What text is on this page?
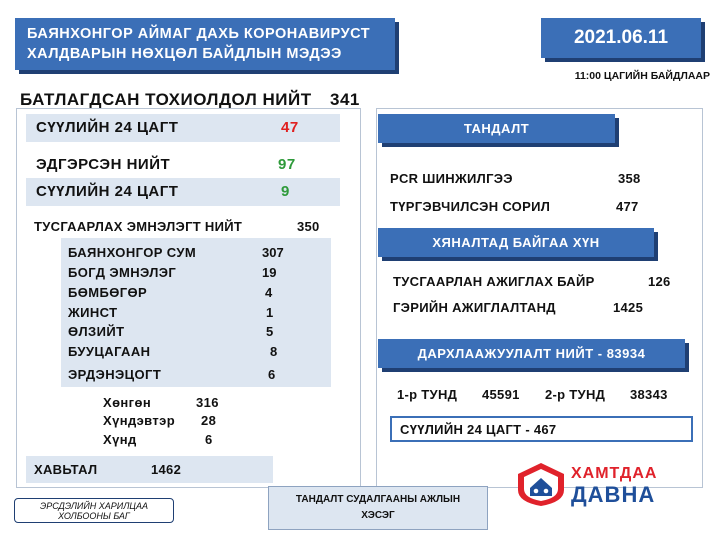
БАЯНХОНГОР АЙМАГ ДАХЬ КОРОНАВИРУСТ
ХАЛДВАРЫН НӨХЦӨЛ БАЙДЛЫН МЭДЭЭ
2021.06.11
11:00 ЦАГИЙН БАЙДЛААР
БАТЛАГДСАН ТОХИОЛДОЛ НИЙТ 341
СҮҮЛИЙН 24 ЦАГТ	47
ЭДГЭРСЭН НИЙТ	97
СҮҮЛИЙН 24 ЦАГТ	9
ТУСГААРЛАХ ЭМНЭЛЭГТ НИЙТ	350
БАЯНХОНГОР СУМ	307
БОГД ЭМНЭЛЭГ	19
БӨМБӨГӨР	4
ЖИНСТ	1
ӨЛЗИЙТ	5
БУУЦАГААН	8
ЭРДЭНЭЦОГТ	6
Хөнгөн	316
Хүндэвтэр 28
Хүнд	6
ХАВЬТАЛ	1462
ТАНДАЛТ
PCR ШИНЖИЛГЭЭ	358
ТҮРГЭВЧИЛСЭН СОРИЛ	477
ХЯНАЛТАД БАЙГАА ХҮН
ТУСГААРЛАН АЖИГЛАХ БАЙР	126
ГЭРИЙН АЖИГЛАЛТАНД	1425
ДАРХЛААЖУУЛАЛТ НИЙТ - 83934
1-р ТУНД 45591 2-р ТУНД 38343
СҮҮЛИЙН 24 ЦАГТ - 467
ХАМТДАА
ДАВНА
ЭРСДЭЛИЙН ХАРИЛЦАА
ХОЛБООНЫ БАГ
ТАНДАЛТ СУДАЛГААНЫ АЖЛЫН
ХЭСЭГ
